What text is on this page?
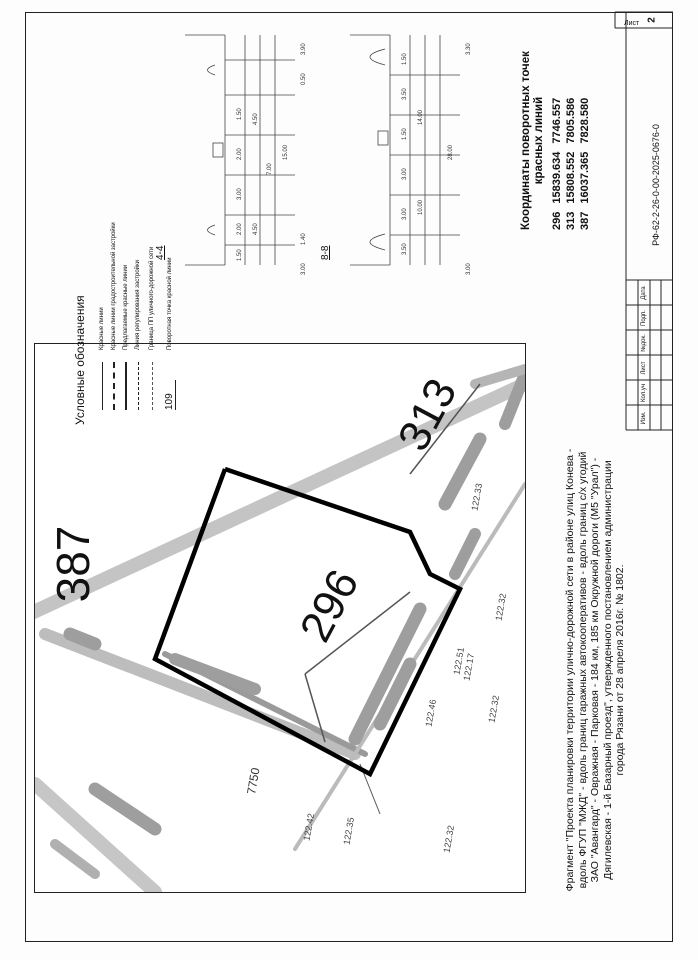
387	296
313
122.33
122.32
122.42	122.35
122.51
122.17
122.46	122.32
122.32
7750	Фрагмент "Проекта планировки территории улично-дорожной сети в районе улиц Конева - вдоль ФГУП "МЖД" - вдоль границ гаражных автокооперативов - вдоль границ с/х угодий ЗАО "Авангард" - Овражная - Парковая - 184 км, 185 км Окружной дороги (М5 "Урал") - Дягилевская - 1-й Базарный проезд", утвержденного постановлением администрации города Рязани от 28 апреля 2016г. № 1802.
Условные обозначения Красные линии Красные линии градостроительной застройки Предлагаемые красные линии Линия регулирования застройки Граница ПП уличного-дорожной сети
109
Поворотная точка красной линии
4-4	1.50
2.00
3.00
2.00
1.50
4.50
4.50
7.00
15.00
3.00
1.40
0.50
3.90
8-8	3.50
3.00
3.00
1.50
3.50
1.50
10.00
14.00
3.00
28.00
3.30
Координаты поворотных точек красных линий
296	15839.634	7746.557
313	15808.552	7805.586
387	16037.365	7828.580
РФ-62-2-26-0-00-2025-0676-0
Лист 2
Изм.
Кол.уч
Лист
№док.
Подп.
Дата
